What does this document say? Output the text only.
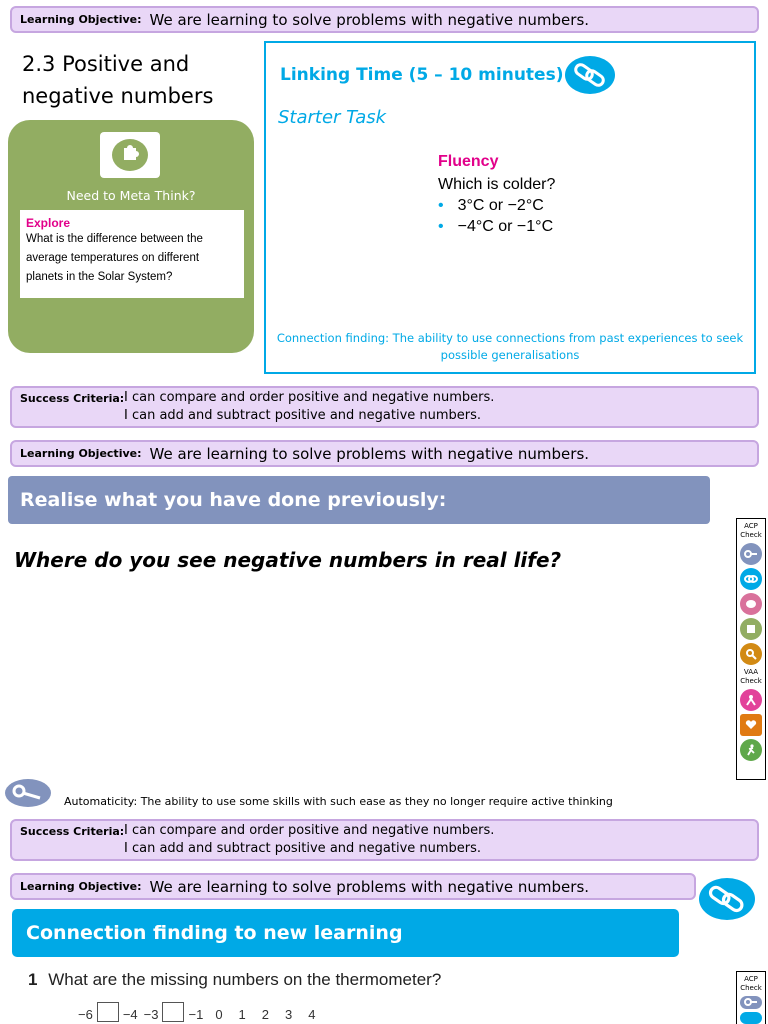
Learning Objective: We are learning to solve problems with negative numbers.
2.3 Positive and
negative numbers
Need to Meta Think?
Explore
What is the difference between the
average temperatures on different
planets in the Solar System?
Linking Time (5 – 10 minutes)
Starter Task
Fluency
Which is colder?
• 3°C or −2°C
• −4°C or −1°C
Connection finding: The ability to use connections from past experiences to seek
possible generalisations
Success Criteria: I can compare and order positive and negative numbers.
I can add and subtract positive and negative numbers.
Learning Objective: We are learning to solve problems with negative numbers.
Realise what you have done previously:
Where do you see negative numbers in real life?
ACP
Check
VAA
Check
Automaticity: The ability to use some skills with such ease as they no longer require active thinking
Success Criteria: I can compare and order positive and negative numbers.
I can add and subtract positive and negative numbers.
Learning Objective: We are learning to solve problems with negative numbers.
Connection finding to new learning
1 What are the missing numbers on the thermometer?
−6 −4 −3 −1 0 1 2 3 4
ACP
Check
